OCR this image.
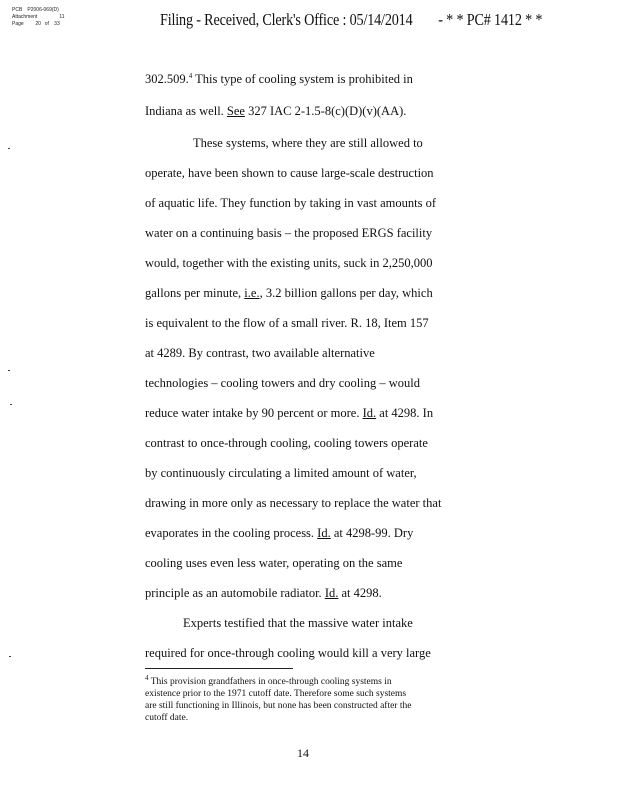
PCB P2006-069(D)
Attachment	11
Page 20 of 33	Filing - Received, Clerk's Office : 05/14/2014 - * * PC# 1412 * *
302.509.$^4$ This type of cooling system is prohibited in
Indiana as well. See 327 IAC 2-1.5-8(c)(D)(v)(AA).
These systems, where they are still allowed to
operate, have been shown to cause large-scale destruction
of aquatic life. They function by taking in vast amounts of
water on a continuing basis – the proposed ERGS facility
would, together with the existing units, suck in 2,250,000
gallons per minute, i.e., 3.2 billion gallons per day, which
is equivalent to the flow of a small river. R. 18, Item 157
at 4289. By contrast, two available alternative
technologies – cooling towers and dry cooling – would
reduce water intake by 90 percent or more. Id. at 4298. In
contrast to once-through cooling, cooling towers operate
by continuously circulating a limited amount of water,
drawing in more only as necessary to replace the water that
evaporates in the cooling process. Id. at 4298-99. Dry
cooling uses even less water, operating on the same
principle as an automobile radiator. Id. at 4298.
Experts testified that the massive water intake
required for once-through cooling would kill a very large
$^4$ This provision grandfathers in once-through cooling systems in
existence prior to the 1971 cutoff date. Therefore some such systems
are still functioning in Illinois, but none has been constructed after the
cutoff date.
14
